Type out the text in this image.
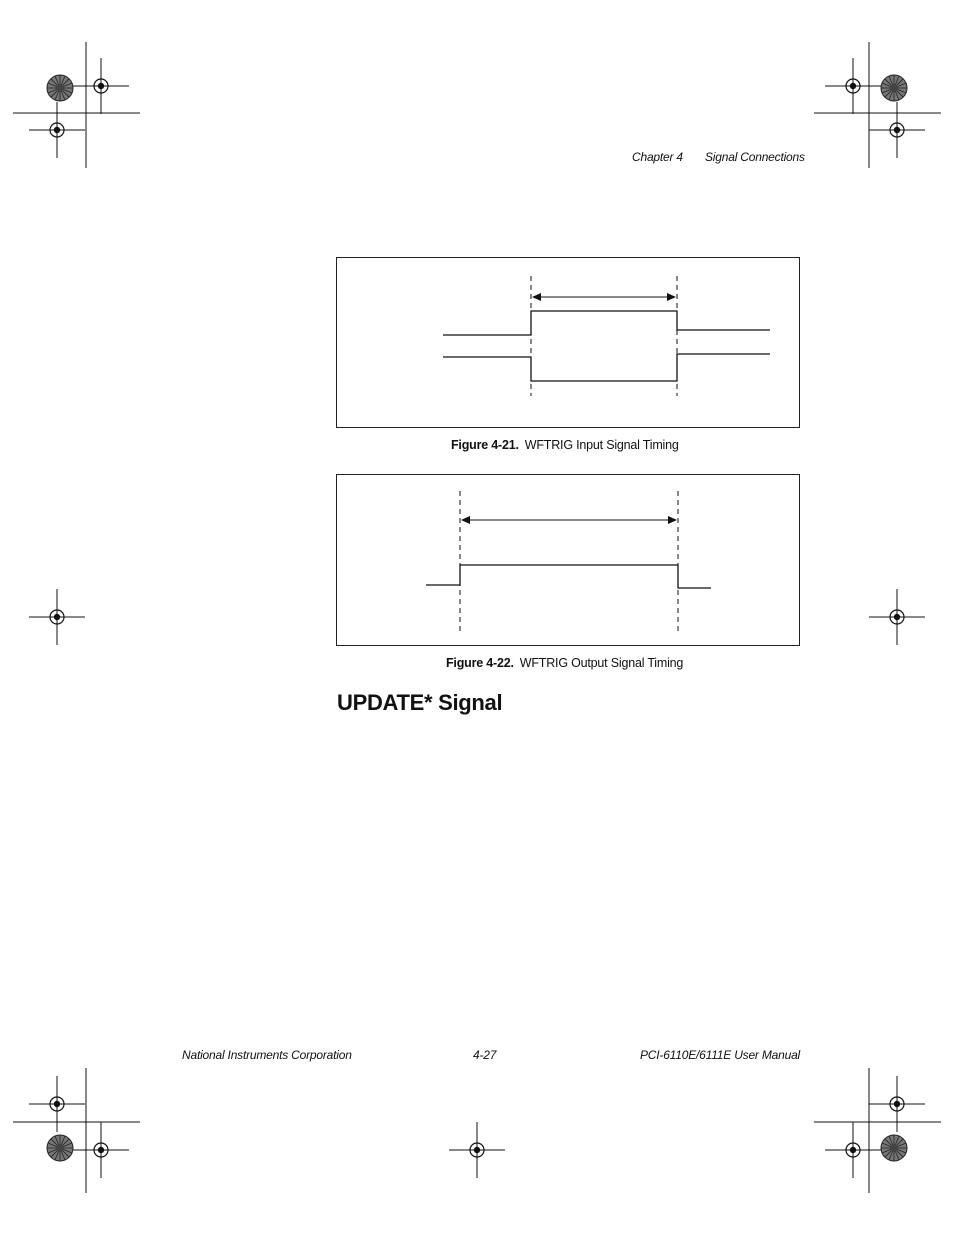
Chapter 4 Signal Connections
Figure 4-21. WFTRIG Input Signal Timing
Figure 4-22. WFTRIG Output Signal Timing
UPDATE* Signal
National Instruments Corporation	4-27	PCI-6110E/6111E User Manual
